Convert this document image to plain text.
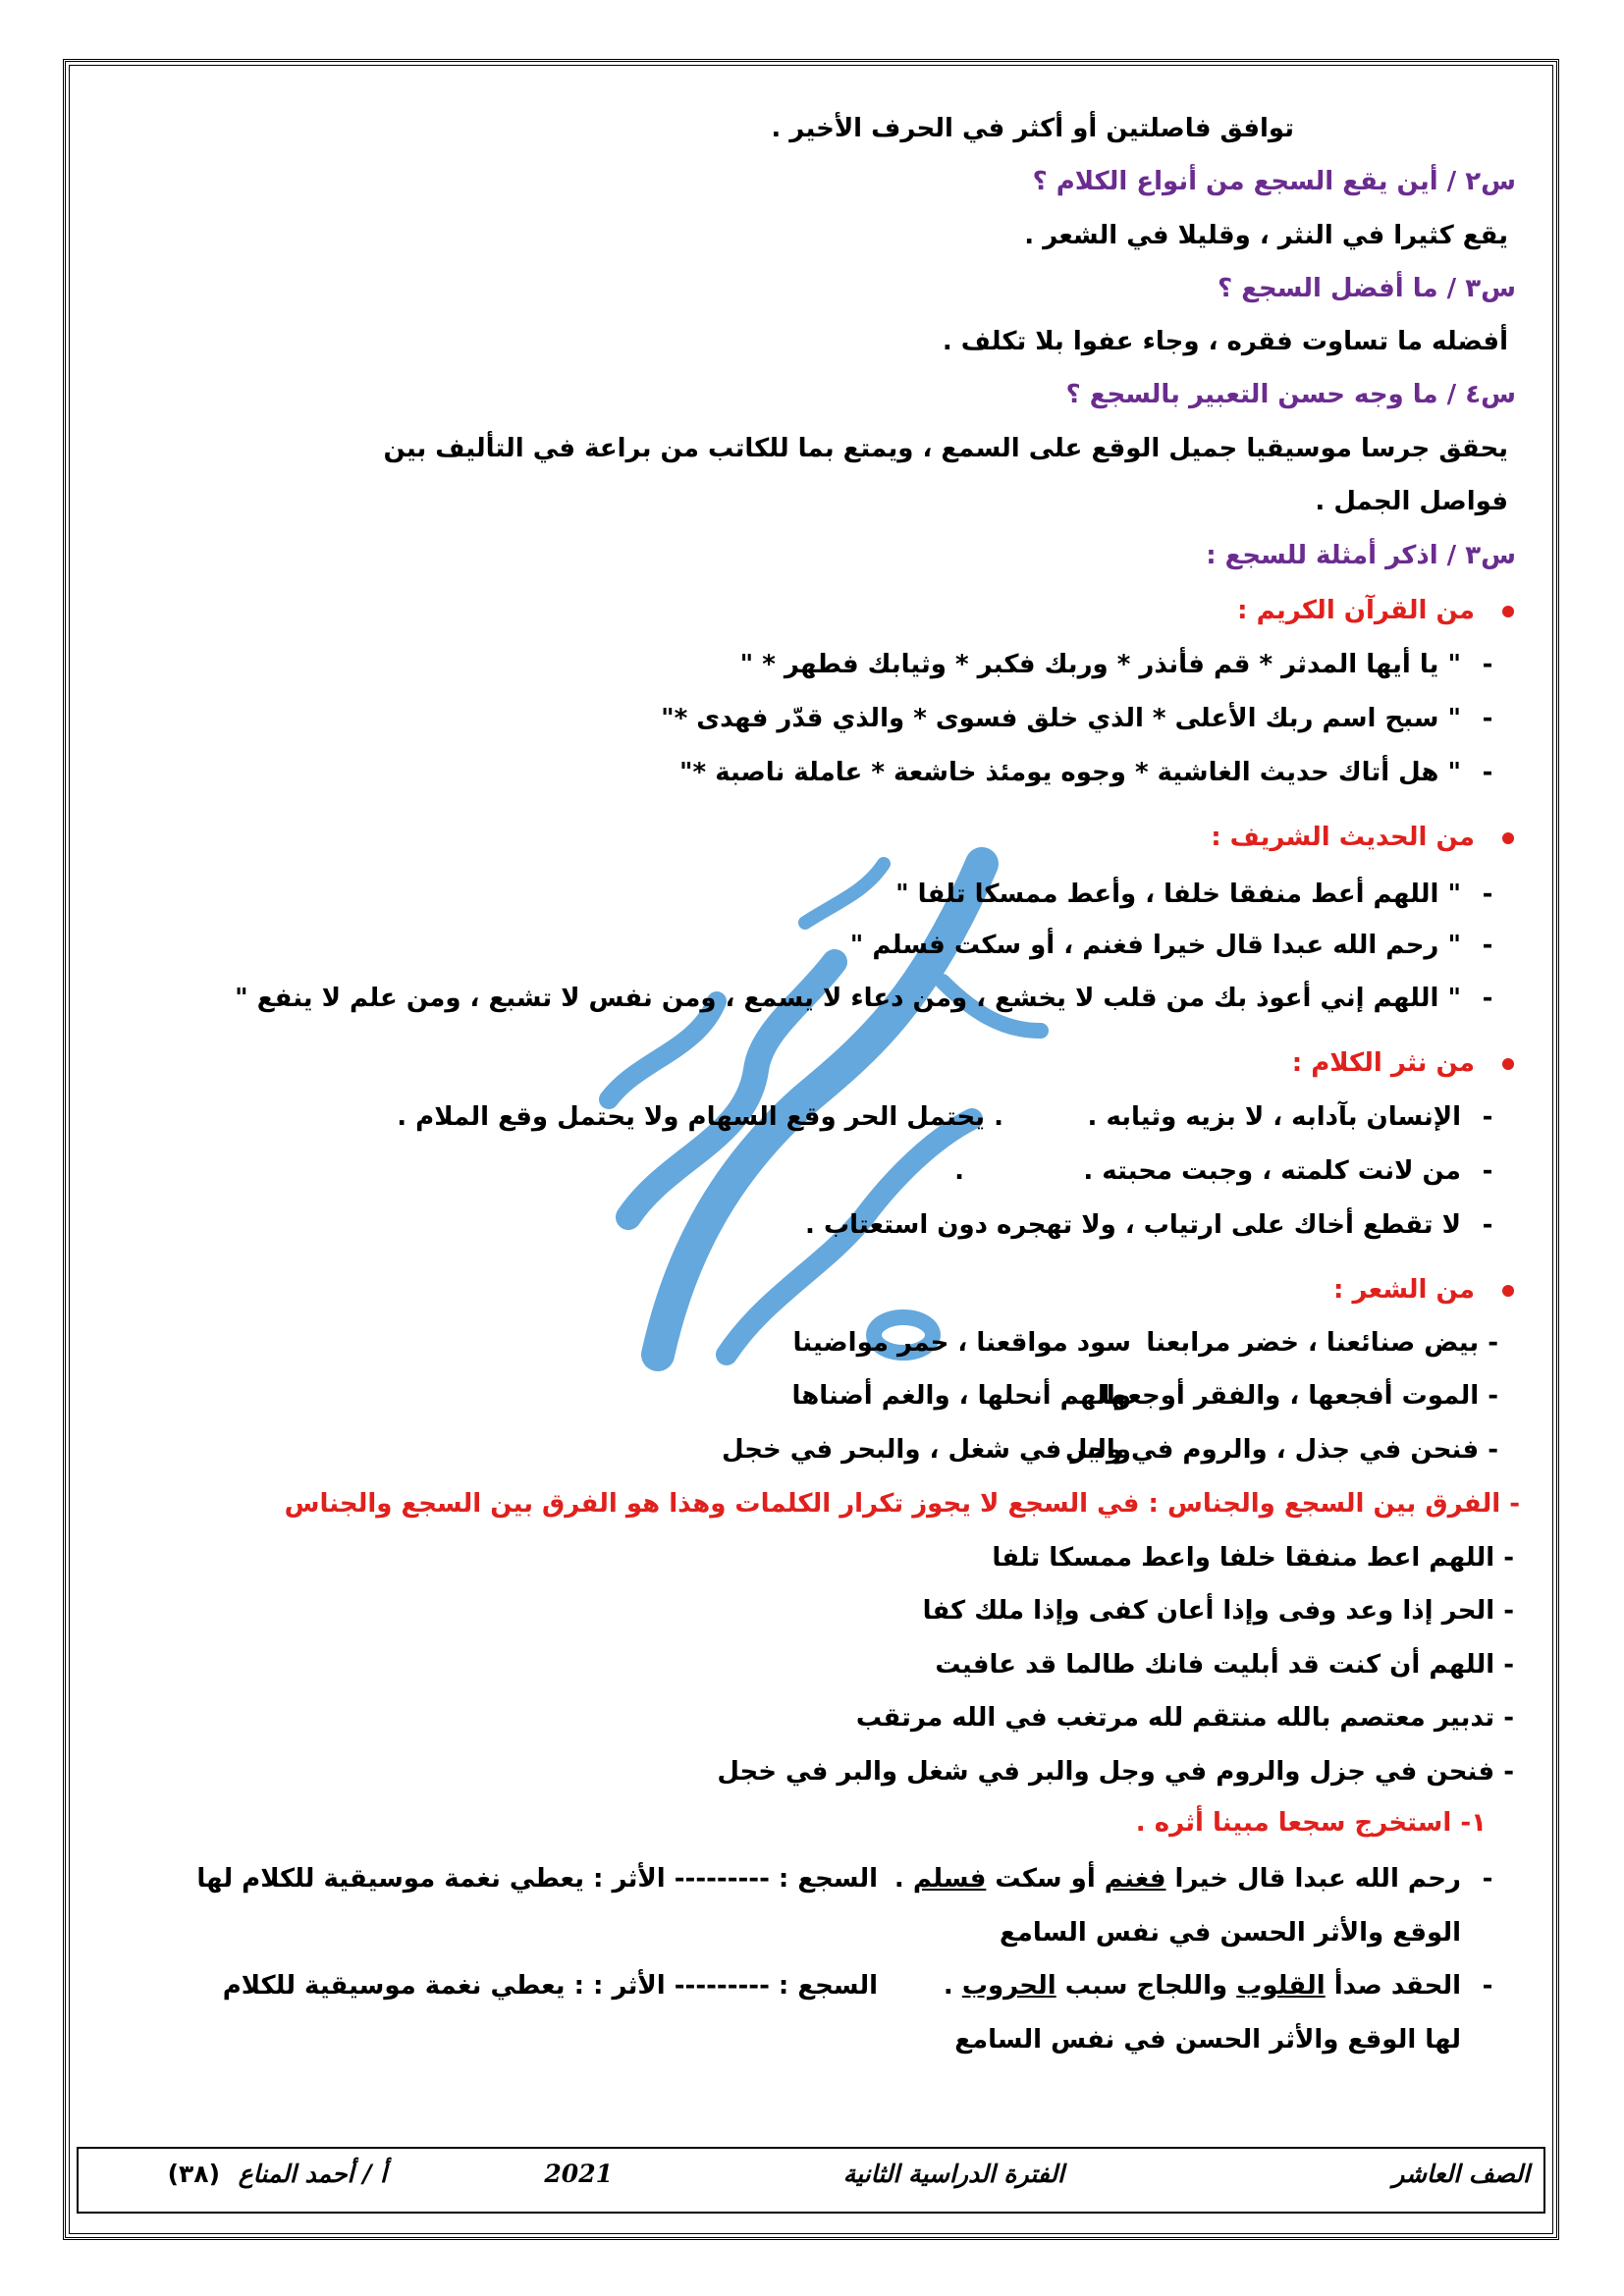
توافق فاصلتين أو أكثر في الحرف الأخير .
س٢ / أين يقع السجع من أنواع الكلام ؟
يقع كثيرا في النثر ، وقليلا في الشعر .
س٣ / ما أفضل السجع ؟
أفضله ما تساوت فقره ، وجاء عفوا بلا تكلف .
س٤ / ما وجه حسن التعبير بالسجع ؟
يحقق جرسا موسيقيا جميل الوقع على السمع ، ويمتع بما للكاتب من براعة في التأليف بين
فواصل الجمل .
س٣ / اذكر أمثلة للسجع :
من القرآن الكريم :
-" يا أيها المدثر * قم فأنذر * وربك فكبر * وثيابك فطهر * "
-" سبح اسم ربك الأعلى * الذي خلق فسوى * والذي قدّر فهدى *"
-" هل أتاك حديث الغاشية * وجوه يومئذ خاشعة * عاملة ناصبة *"
من الحديث الشريف :
-" اللهم أعط منفقا خلفا ، وأعط ممسكا تلفا "
-" رحم الله عبدا قال خيرا فغنم ، أو سكت فسلم "
-" اللهم إني أعوذ بك من قلب لا يخشع ، ومن دعاء لا يسمع ، ومن نفس لا تشبع ، ومن علم لا ينفع "
من نثر الكلام :
-الإنسان بآدابه ، لا بزيه وثيابه .
. يحتمل الحر وقع السهام ولا يحتمل وقع الملام .
-من لانت كلمته ، وجبت محبته .
.
-لا تقطع أخاك على ارتياب ، ولا تهجره دون استعتاب .
من الشعر :
- بيض صنائعنا ، خضر مرابعنا
سود مواقعنا ، حمر مواضينا
- الموت أفجعها ، والفقر أوجعها
والهم أنحلها ، والغم أضناها
- فنحن في جذل ، والروم في وجل
والبر في شغل ، والبحر في خجل
- الفرق بين السجع والجناس : في السجع لا يجوز تكرار الكلمات وهذا هو الفرق بين السجع والجناس
- اللهم اعط منفقا خلفا واعط ممسكا تلفا
- الحر إذا وعد وفى وإذا أعان كفى وإذا ملك كفا
- اللهم أن كنت قد أبليت فانك طالما قد عافيت
- تدبير معتصم بالله منتقم لله مرتغب في الله مرتقب
- فنحن في جزل والروم في وجل والبر في شغل والبر في خجل
١- استخرج سجعا مبينا أثره .
-رحم الله عبدا قال خيرا فغنم أو سكت فسلم .
السجع : --------- الأثر : يعطي نغمة موسيقية للكلام لها
الوقع والأثر الحسن في نفس السامع
-الحقد صدأ القلوب واللجاج سبب الحروب .
السجع : --------- الأثر : : يعطي نغمة موسيقية للكلام
لها الوقع والأثر الحسن في نفس السامع
الصف العاشر
الفترة الدراسية الثانية
2021
أ / أحمد المناع
(٣٨)
